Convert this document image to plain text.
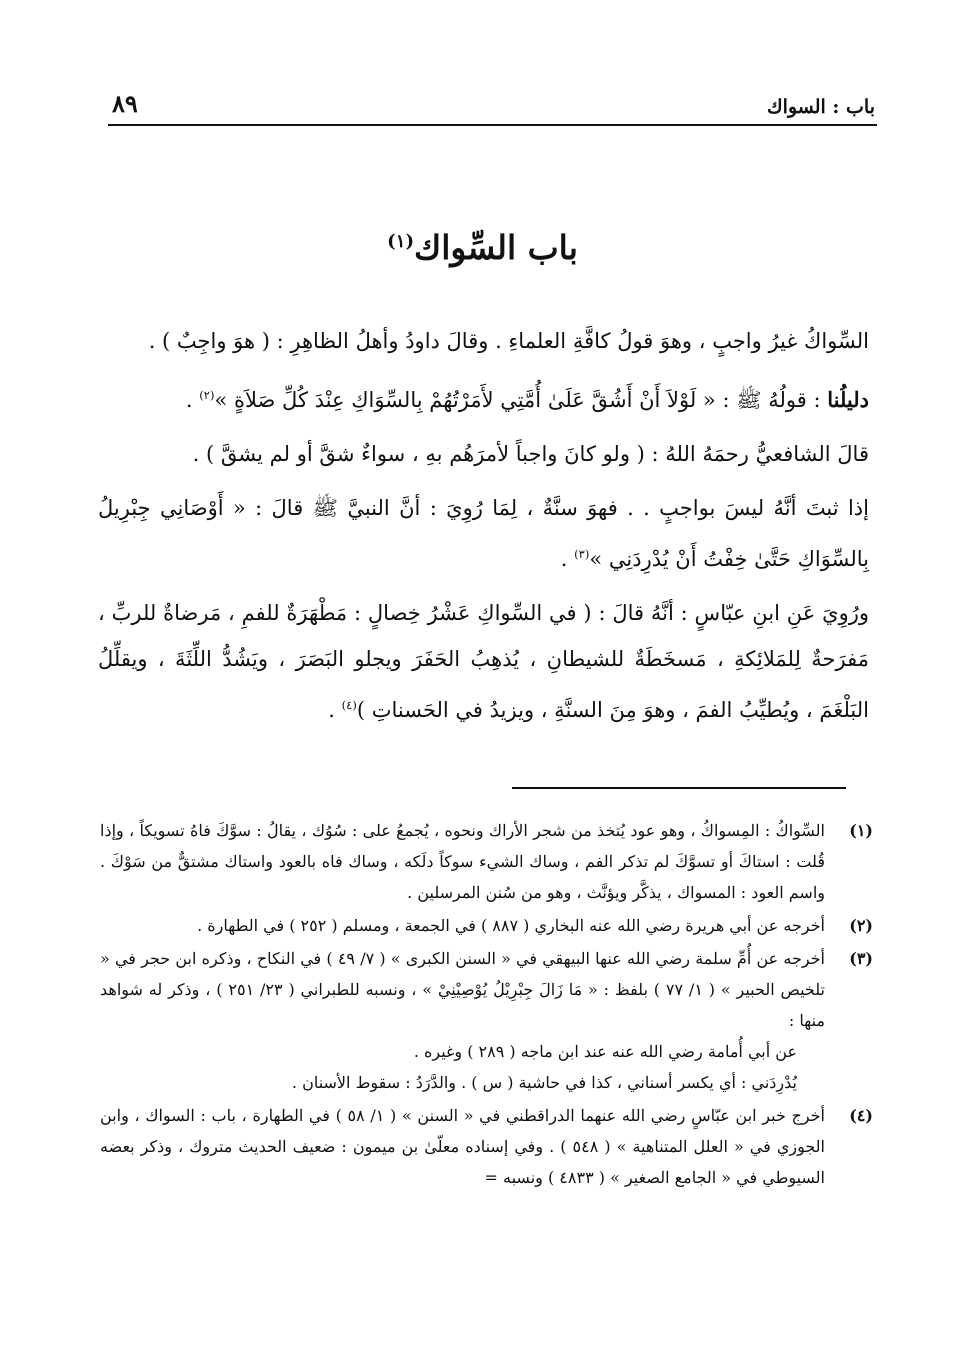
باب : السواك
٨٩
باب السِّواك$^{(١)}$

السِّواكُ غيرُ واجبٍ ، وهوَ قولُ كافَّةِ العلماءِ . وقالَ داودُ وأهلُ الظاهِرِ : ( هوَ واجِبٌ ) .

دليلُنا : قولُهُ ﷺ : « لَوْلاَ أَنْ أَشُقَّ عَلَىٰ أُمَّتِي لأَمَرْتُهُمْ بِالسِّوَاكِ عِنْدَ كُلِّ صَلاَةٍ »$^{(٢)}$ .

قالَ الشافعيُّ رحمَهُ اللهُ : ( ولو كانَ واجباً لأمرَهُم بهِ ، سواءٌ شقَّ أو لم يشقَّ ) .

إذا ثبتَ أنَّهُ ليسَ بواجبٍ . . فهوَ سنَّةٌ ، لِمَا رُوِيَ : أنَّ النبيَّ ﷺ قالَ : « أَوْصَانِي جِبْرِيلُ بِالسِّوَاكِ حَتَّىٰ خِفْتُ أَنْ يُدْرِدَنِي »$^{(٣)}$ .

ورُوِيَ عَنِ ابنِ عبّاسٍ : أنَّهُ قالَ : ( في السِّواكِ عَشْرُ خِصالٍ : مَطْهَرَةٌ للفمِ ، مَرضاةٌ للربِّ ، مَفرَحةٌ لِلمَلائِكةِ ، مَسخَطَةٌ للشيطانِ ، يُذهِبُ الحَفَرَ ويجلو البَصَرَ ، ويَشُدُّ اللِّثَةَ ، ويقلِّلُ البَلْغَمَ ، ويُطيِّبُ الفمَ ، وهوَ مِنَ السنَّةِ ، ويزيدُ في الحَسناتِ )$^{(٤)}$ .

(١)
السِّواكُ : المِسواكُ ، وهو عود يُتخذ من شجر الأراك ونحوه ، يُجمعُ على : سُوُك ، يقالُ : سوَّكَ فاهُ تسويكاً ، وإذا قُلت : استاكَ أو تسوَّكَ لم تذكر الفم ، وساك الشيء سوكاً دلَكه ، وساك فاه بالعود واستاك مشتقٌّ من سَوْكَ . واسم العود : المسواك ، يذكَّر ويؤنَّث ، وهو من سُنن المرسلين .
(٢)
أخرجه عن أبي هريرة رضي الله عنه البخاري ( ٨٨٧ ) في الجمعة ، ومسلم ( ٢٥٢ ) في الطهارة .
(٣)
أخرجه عن أُمِّ سلمة رضي الله عنها البيهقي في « السنن الكبرى » ( ٧/ ٤٩ ) في النكاح ، وذكره ابن حجر في « تلخيص الحبير » ( ١/ ٧٧ ) بلفظ : « مَا زَالَ جِبْرِيْلُ يُوْصِيْنِيْ » ، ونسبه للطبراني ( ٢٣/ ٢٥١ ) ، وذكر له شواهد منها :
عن أبي أُمامة رضي الله عنه عند ابن ماجه ( ٢٨٩ ) وغيره .
يُدْرِدَني : أي يكسر أسناني ، كذا في حاشية ( س ) . والدَّرَدُ : سقوط الأسنان .
(٤)
أخرج خبر ابن عبّاسٍ رضي الله عنهما الدراقطني في « السنن » ( ١/ ٥٨ ) في الطهارة ، باب : السواك ، وابن الجوزي في « العلل المتناهية » ( ٥٤٨ ) . وفي إسناده معلّىٰ بن ميمون : ضعيف الحديث متروك ، وذكر بعضه السيوطي في « الجامع الصغير » ( ٤٨٣٣ ) ونسبه =
